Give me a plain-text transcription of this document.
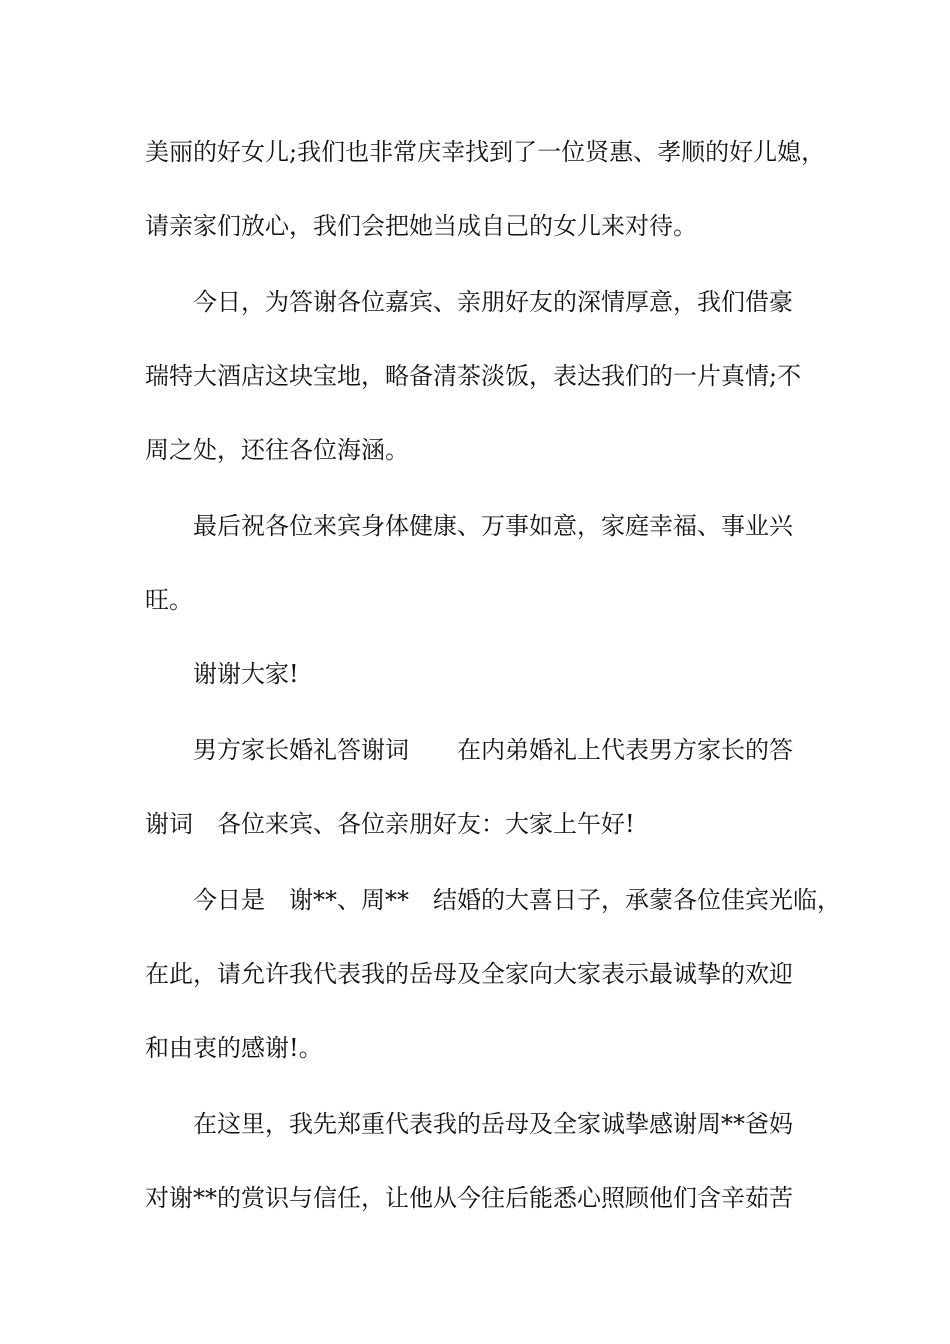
美丽的好女儿;我们也非常庆幸找到了一位贤惠、孝顺的好儿媳，
请亲家们放心，我们会把她当成自己的女儿来对待。
今日，为答谢各位嘉宾、亲朋好友的深情厚意，我们借豪
瑞特大酒店这块宝地，略备清茶淡饭，表达我们的一片真情;不
周之处，还往各位海涵。
最后祝各位来宾身体健康、万事如意，家庭幸福、事业兴
旺。
谢谢大家!
男方家长婚礼答谢词　　在内弟婚礼上代表男方家长的答
谢词　各位来宾、各位亲朋好友：大家上午好!
今日是　谢**、周**　结婚的大喜日子，承蒙各位佳宾光临，
在此，请允许我代表我的岳母及全家向大家表示最诚挚的欢迎
和由衷的感谢!。
在这里，我先郑重代表我的岳母及全家诚挚感谢周**爸妈
对谢**的赏识与信任，让他从今往后能悉心照顾他们含辛茹苦
